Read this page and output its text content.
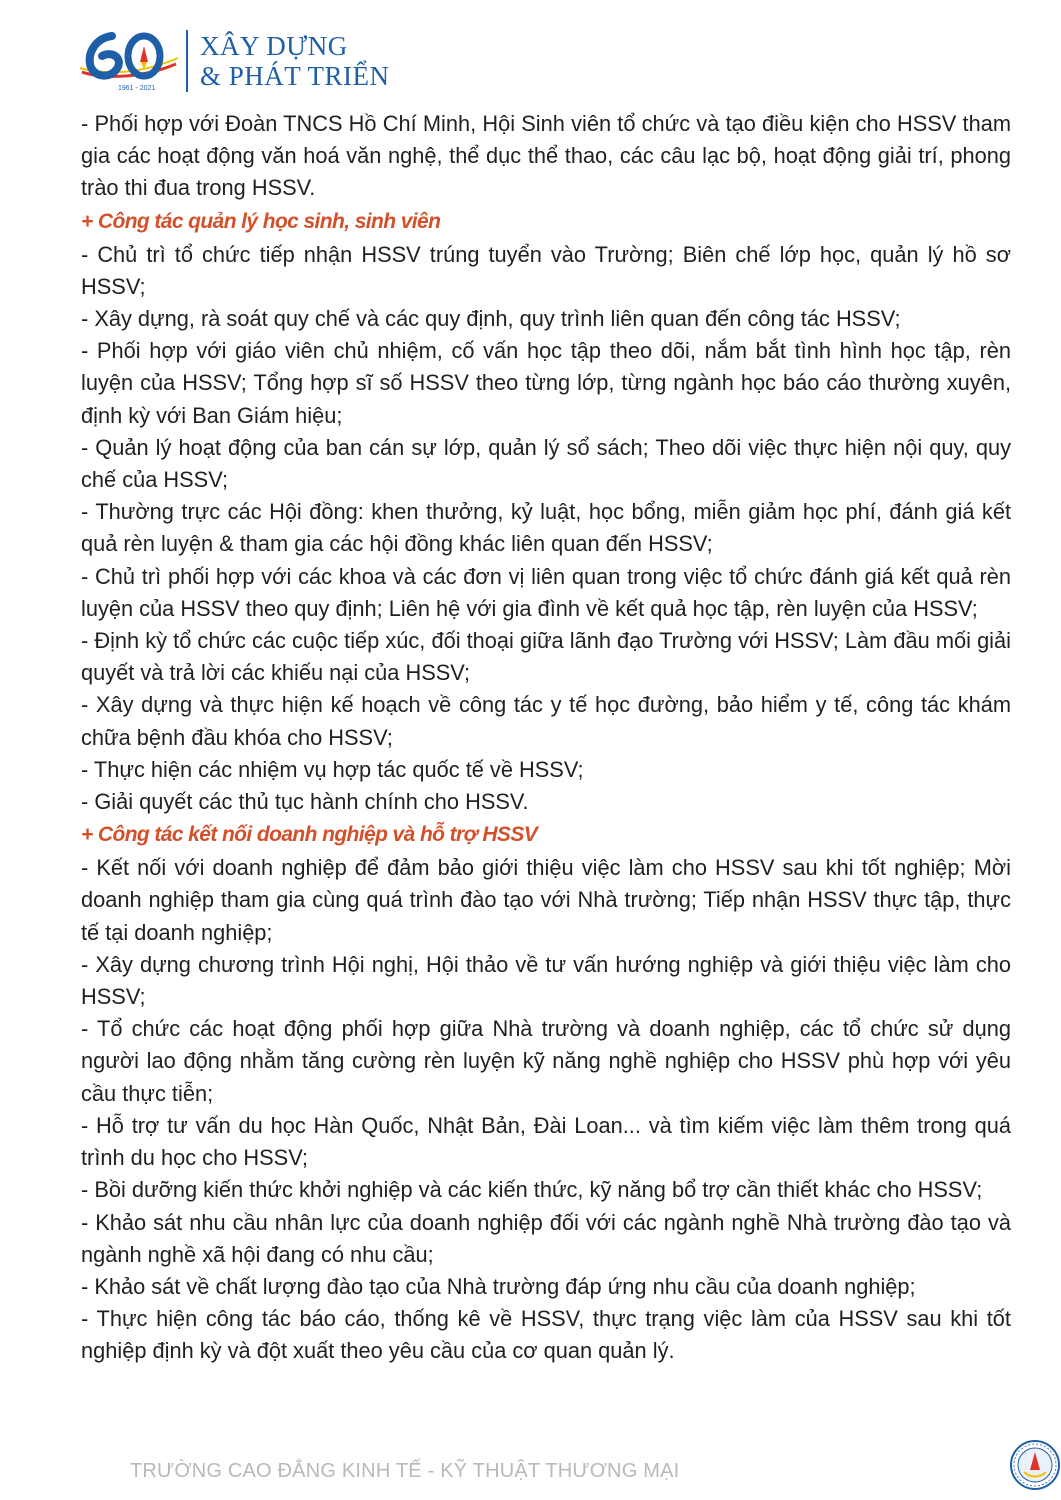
1961 - 2021
XÂY DỰNG
& PHÁT TRIỂN

- Phối hợp với Đoàn TNCS Hồ Chí Minh, Hội Sinh viên tổ chức và tạo điều kiện cho HSSV tham gia các hoạt động văn hoá văn nghệ, thể dục thể thao, các câu lạc bộ, hoạt động giải trí, phong trào thi đua trong HSSV.

+ Công tác quản lý học sinh, sinh viên

- Chủ trì tổ chức tiếp nhận HSSV trúng tuyển vào Trường; Biên chế lớp học, quản lý hồ sơ HSSV;

- Xây dựng, rà soát quy chế và các quy định, quy trình liên quan đến công tác HSSV;

- Phối hợp với giáo viên chủ nhiệm, cố vấn học tập theo dõi, nắm bắt tình hình học tập, rèn luyện của HSSV; Tổng hợp sĩ số HSSV theo từng lớp, từng ngành học báo cáo thường xuyên, định kỳ với Ban Giám hiệu;

- Quản lý hoạt động của ban cán sự lớp, quản lý sổ sách; Theo dõi việc thực hiện nội quy, quy chế của HSSV;

- Thường trực các Hội đồng: khen thưởng, kỷ luật, học bổng, miễn giảm học phí, đánh giá kết quả rèn luyện & tham gia các hội đồng khác liên quan đến HSSV;

- Chủ trì phối hợp với các khoa và các đơn vị liên quan trong việc tổ chức đánh giá kết quả rèn luyện của HSSV theo quy định; Liên hệ với gia đình về kết quả học tập, rèn luyện của HSSV;

- Định kỳ tổ chức các cuộc tiếp xúc, đối thoại giữa lãnh đạo Trường với HSSV; Làm đầu mối giải quyết và trả lời các khiếu nại của HSSV;

- Xây dựng và thực hiện kế hoạch về công tác y tế học đường, bảo hiểm y tế, công tác khám chữa bệnh đầu khóa cho HSSV;

- Thực hiện các nhiệm vụ hợp tác quốc tế về HSSV;

- Giải quyết các thủ tục hành chính cho HSSV.

+ Công tác kết nối doanh nghiệp và hỗ trợ HSSV

- Kết nối với doanh nghiệp để đảm bảo giới thiệu việc làm cho HSSV sau khi tốt nghiệp; Mời doanh nghiệp tham gia cùng quá trình đào tạo với Nhà trường; Tiếp nhận HSSV thực tập, thực tế tại doanh nghiệp;

- Xây dựng chương trình Hội nghị, Hội thảo về tư vấn hướng nghiệp và giới thiệu việc làm cho HSSV;

- Tổ chức các hoạt động phối hợp giữa Nhà trường và doanh nghiệp, các tổ chức sử dụng người lao động nhằm tăng cường rèn luyện kỹ năng nghề nghiệp cho HSSV phù hợp với yêu cầu thực tiễn;

- Hỗ trợ tư vấn du học Hàn Quốc, Nhật Bản, Đài Loan... và tìm kiếm việc làm thêm trong quá trình du học cho HSSV;

- Bồi dưỡng kiến thức khởi nghiệp và các kiến thức, kỹ năng bổ trợ cần thiết khác cho HSSV;

- Khảo sát nhu cầu nhân lực của doanh nghiệp đối với các ngành nghề Nhà trường đào tạo và ngành nghề xã hội đang có nhu cầu;

- Khảo sát về chất lượng đào tạo của Nhà trường đáp ứng nhu cầu của doanh nghiệp;

- Thực hiện công tác báo cáo, thống kê về HSSV, thực trạng việc làm của HSSV sau khi tốt nghiệp định kỳ và đột xuất theo yêu cầu của cơ quan quản lý.

TRƯỜNG CAO ĐẲNG KINH TẾ - KỸ THUẬT THƯƠNG MẠI
